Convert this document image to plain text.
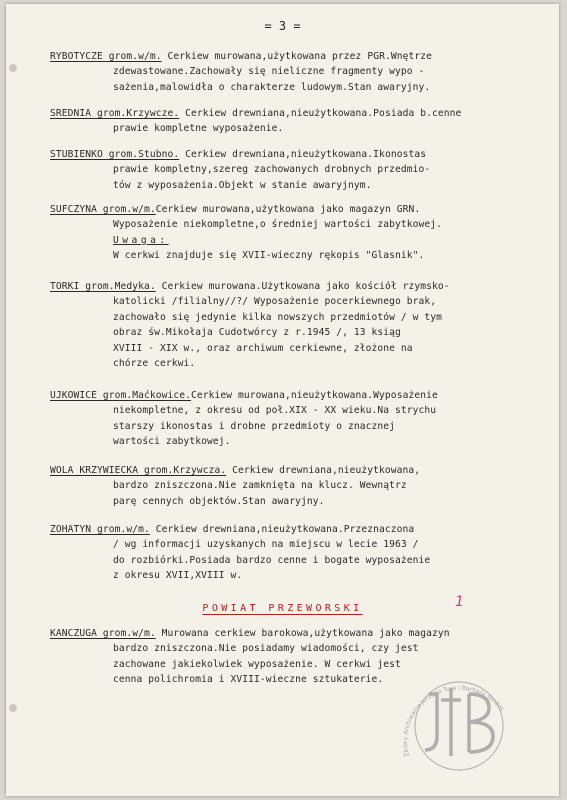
= 3 =
RYBOTYCZE grom.w/m. Cerkiew murowana,użytkowana przez PGR.Wnętrze
zdewastowane.Zachowały się nieliczne fragmenty wypo -
sażenia,malowidła o charakterze ludowym.Stan awaryjny.
SREDNIA grom.Krzywcze. Cerkiew drewniana,nieużytkowana.Posiada b.cenne
prawie kompletne wyposażenie.
STUBIENKO grom.Stubno. Cerkiew drewniana,nieużytkowana.Ikonostas
prawie kompletny,szereg zachowanych drobnych przedmio-
tów z wyposażenia.Objekt w stanie awaryjnym.
SUFCZYNA grom.w/m.Cerkiew murowana,użytkowana jako magazyn GRN.
Wyposażenie niekompletne,o średniej wartości zabytkowej.
Uwaga:
W cerkwi znajduje się XVII-wieczny rękopis "Glasnik".
TORKI grom.Medyka. Cerkiew murowana.Użytkowana jako kościół rzymsko-
katolicki /filialny//?/ Wyposażenie pocerkiewnego brak,
zachowało się jedynie kilka nowszych przedmiotów / w tym
obraz św.Mikołaja Cudotwórcy z r.1945 /, 13 ksiąg
XVIII - XIX w., oraz archiwum cerkiewne, złożone na
chórze cerkwi.
UJKOWICE grom.Maćkowice.Cerkiew murowana,nieużytkowana.Wyposażenie
niekompletne, z okresu od poł.XIX - XX wieku.Na strychu
starszy ikonostas i drobne przedmioty o znacznej
wartości zabytkowej.
WOLA KRZYWIECKA grom.Krzywcza. Cerkiew drewniana,nieużytkowana,
bardzo zniszczona.Nie zamknięta na klucz. Wewnątrz
parę cennych objektów.Stan awaryjny.
ZOHATYN grom.w/m. Cerkiew drewniana,nieużytkowana.Przeznaczona
/ wg informacji uzyskanych na miejscu w lecie 1963 /
do rozbiórki.Posiada bardzo cenne i bogate wyposażenie
z okresu XVII,XVIII w.
POWIAT PRZEWORSKI	1
KANCZUGA grom.w/m. Murowana cerkiew barokowa,użytkowana jako magazyn
bardzo zniszczona.Nie posiadamy wiadomości, czy jest
zachowane jakiekolwiek wyposażenie. W cerkwi jest
cenna polichromia i XVIII-wieczne sztukaterie.
Zbiory Archiwalne Jerzego Tura i Barbary Tondos
